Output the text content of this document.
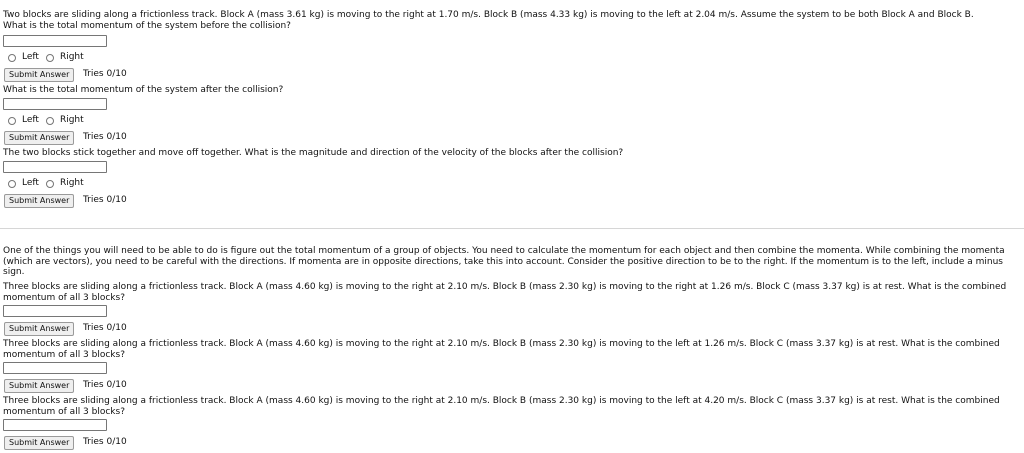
Two blocks are sliding along a frictionless track. Block A (mass 3.61 kg) is moving to the right at 1.70 m/s. Block B (mass 4.33 kg) is moving to the left at 2.04 m/s. Assume the system to be both Block A and Block B.
What is the total momentum of the system before the collision?
Left Right
Submit Answer	Tries 0/10
What is the total momentum of the system after the collision?
Left Right
Submit Answer	Tries 0/10
The two blocks stick together and move off together. What is the magnitude and direction of the velocity of the blocks after the collision?
Left Right
Submit Answer	Tries 0/10
One of the things you will need to be able to do is figure out the total momentum of a group of objects. You need to calculate the momentum for each object and then combine the momenta. While combining the momenta (which are vectors), you need to be careful with the directions. If momenta are in opposite directions, take this into account. Consider the positive direction to be to the right. If the momentum is to the left, include a minus sign.
Three blocks are sliding along a frictionless track. Block A (mass 4.60 kg) is moving to the right at 2.10 m/s. Block B (mass 2.30 kg) is moving to the right at 1.26 m/s. Block C (mass 3.37 kg) is at rest. What is the combined momentum of all 3 blocks?
Submit Answer	Tries 0/10
Three blocks are sliding along a frictionless track. Block A (mass 4.60 kg) is moving to the right at 2.10 m/s. Block B (mass 2.30 kg) is moving to the left at 1.26 m/s. Block C (mass 3.37 kg) is at rest. What is the combined momentum of all 3 blocks?
Submit Answer	Tries 0/10
Three blocks are sliding along a frictionless track. Block A (mass 4.60 kg) is moving to the right at 2.10 m/s. Block B (mass 2.30 kg) is moving to the left at 4.20 m/s. Block C (mass 3.37 kg) is at rest. What is the combined momentum of all 3 blocks?
Submit Answer	Tries 0/10
